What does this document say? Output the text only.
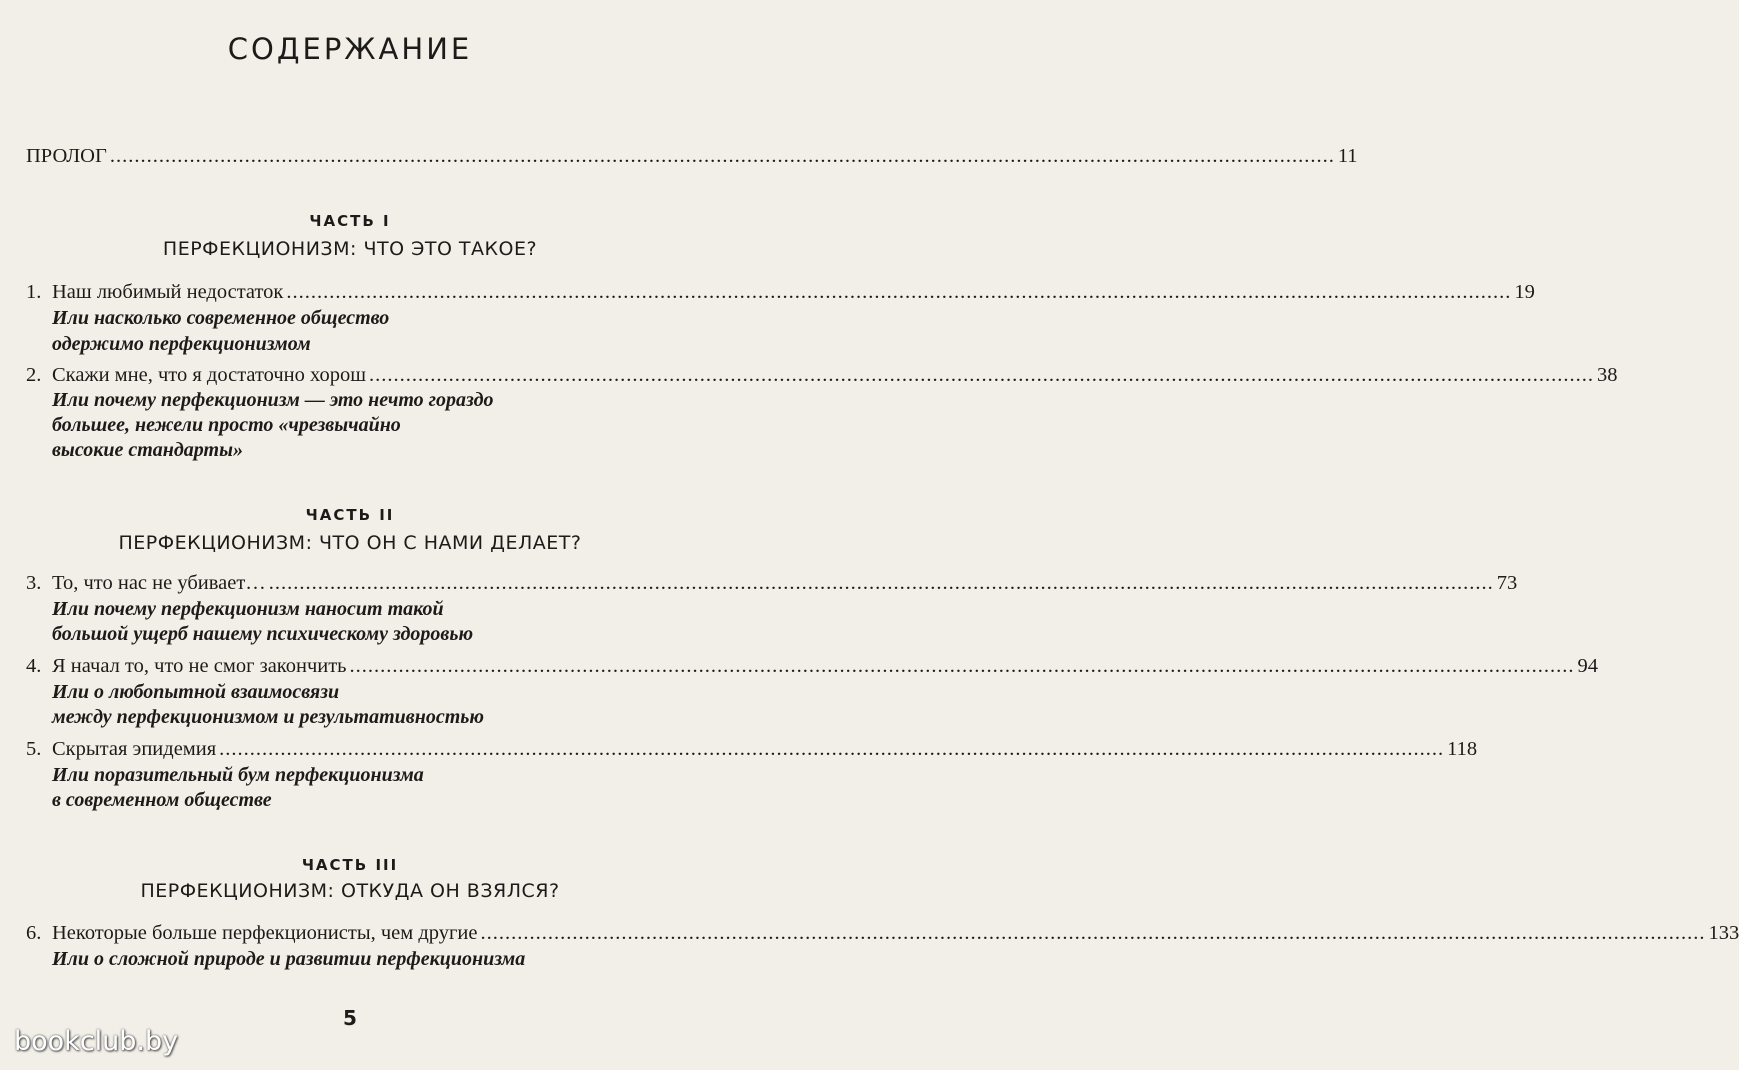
СОДЕРЖАНИЕ
ПРОЛОГ ........................................................................................................................................................................................................ 11
ЧАСТЬ I
ПЕРФЕКЦИОНИЗМ: ЧТО ЭТО ТАКОЕ?
1. Наш любимый недостаток ........................................................................................................................................................................................................ 19
Или насколько современное общество
одержимо перфекционизмом
2. Скажи мне, что я достаточно хорош ........................................................................................................................................................................................................ 38
Или почему перфекционизм — это нечто гораздо
большее, нежели просто «чрезвычайно
высокие стандарты»
ЧАСТЬ II
ПЕРФЕКЦИОНИЗМ: ЧТО ОН С НАМИ ДЕЛАЕТ?
3. То, что нас не убивает… ........................................................................................................................................................................................................ 73
Или почему перфекционизм наносит такой
большой ущерб нашему психическому здоровью
4. Я начал то, что не смог закончить ........................................................................................................................................................................................................ 94
Или о любопытной взаимосвязи
между перфекционизмом и результативностью
5. Скрытая эпидемия ........................................................................................................................................................................................................ 118
Или поразительный бум перфекционизма
в современном обществе
ЧАСТЬ III
ПЕРФЕКЦИОНИЗМ: ОТКУДА ОН ВЗЯЛСЯ?
6. Некоторые больше перфекционисты, чем другие ........................................................................................................................................................................................................ 133
Или о сложной природе и развитии перфекционизма
5
bookclub.by
